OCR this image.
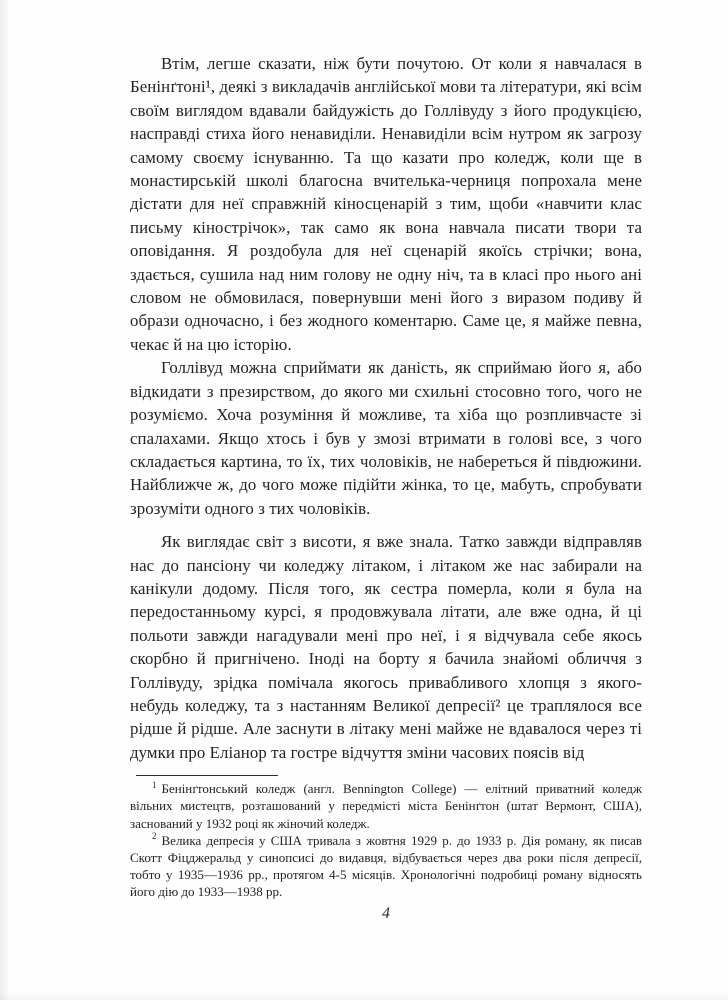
Втім, легше сказати, ніж бути почутою. От коли я навчалася в Бенінґтоні¹, деякі з викладачів англійської мови та літератури, які всім своїм виглядом вдавали байдужість до Голлівуду з його продукцією, насправді стиха його ненавиділи. Ненавиділи всім нутром як загрозу самому своєму існуванню. Та що казати про коледж, коли ще в монастирській школі благосна вчителька-черниця попрохала мене дістати для неї справжній кіносценарій з тим, щоби «навчити клас письму кінострічок», так само як вона навчала писати твори та оповідання. Я роздобула для неї сценарій якоїсь стрічки; вона, здається, сушила над ним голову не одну ніч, та в класі про нього ані словом не обмовилася, повернувши мені його з виразом подиву й образи одночасно, і без жодного коментарю. Саме це, я майже певна, чекає й на цю історію.

Голлівуд можна сприймати як даність, як сприймаю його я, або відкидати з презирством, до якого ми схильні стосовно того, чого не розуміємо. Хоча розуміння й можливе, та хіба що розпливчасте зі спалахами. Якщо хтось і був у змозі втримати в голові все, з чого складається картина, то їх, тих чоловіків, не набереться й півдюжини. Найближче ж, до чого може підійти жінка, то це, мабуть, спробувати зрозуміти одного з тих чоловіків.

Як виглядає світ з висоти, я вже знала. Татко завжди відправляв нас до пансіону чи коледжу літаком, і літаком же нас забирали на канікули додому. Після того, як сестра померла, коли я була на передостанньому курсі, я продовжувала літати, але вже одна, й ці польоти завжди нагадували мені про неї, і я відчувала себе якось скорбно й пригнічено. Іноді на борту я бачила знайомі обличчя з Голлівуду, зрідка помічала якогось привабливого хлопця з якого-небудь коледжу, та з настанням Великої депресії² це траплялося все рідше й рідше. Але заснути в літаку мені майже не вдавалося через ті думки про Еліанор та гостре відчуття зміни часових поясів від

$^1$ Бенінґтонський коледж (англ. Bennington College) — елітний приватний коледж вільних мистецтв, розташований у передмісті міста Бенінґтон (штат Вермонт, США), заснований у 1932 році як жіночий коледж.

$^2$ Велика депресія у США тривала з жовтня 1929 р. до 1933 р. Дія роману, як писав Скотт Фіцджеральд у синопсисі до видавця, відбувається через два роки після депресії, тобто у 1935—1936 рр., протягом 4-5 місяців. Хронологічні подробиці роману відносять його дію до 1933—1938 рр.

4
